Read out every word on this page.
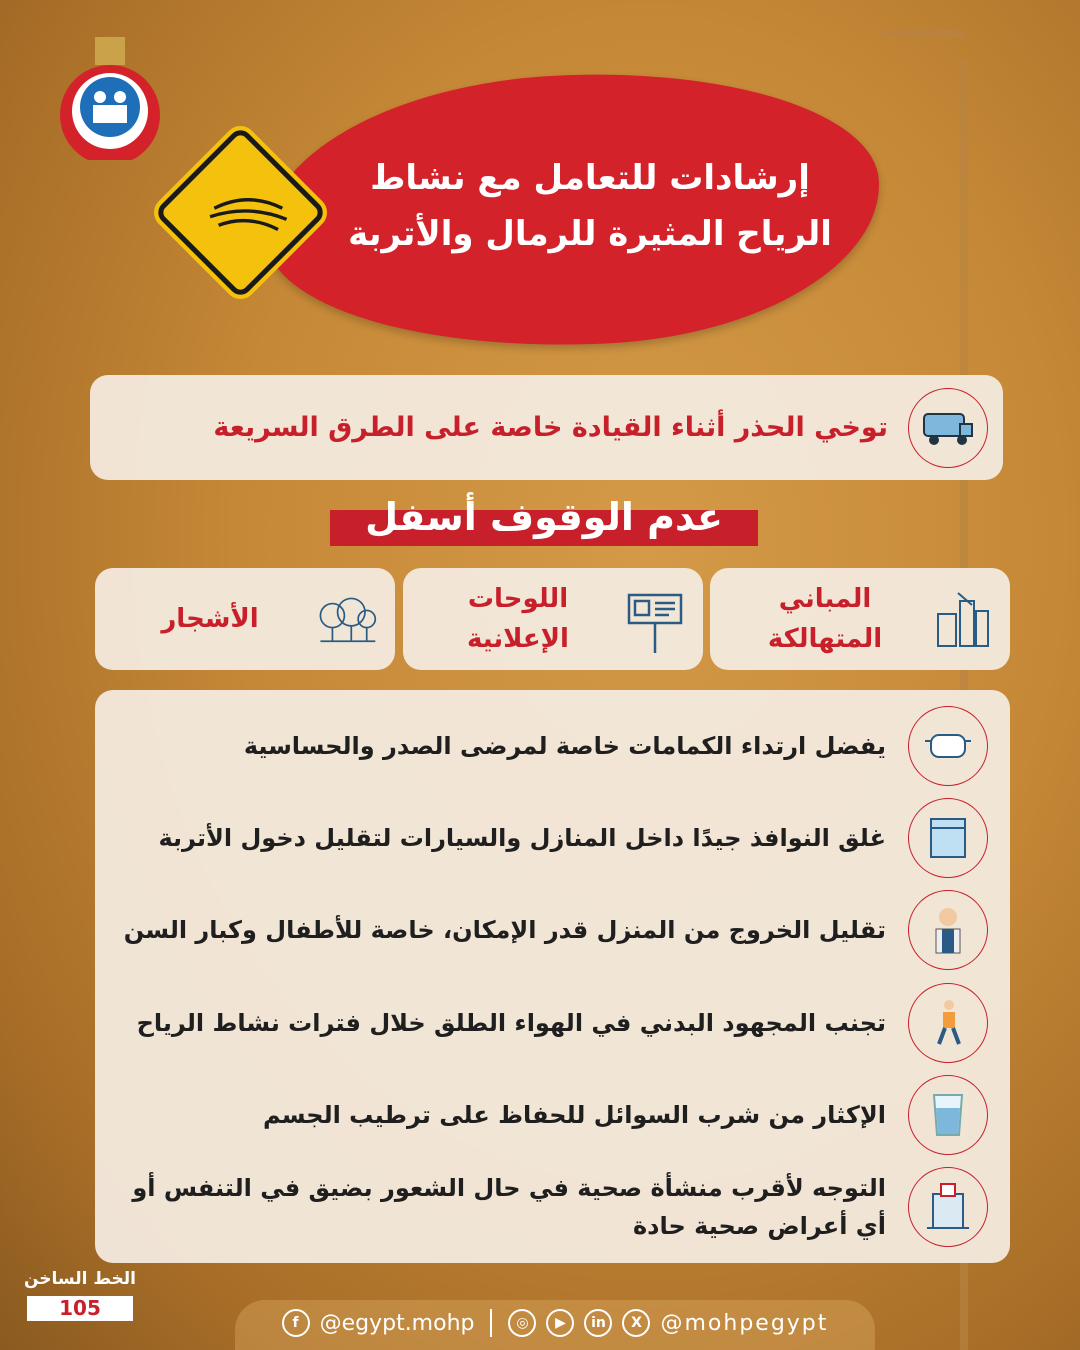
إرشادات للتعامل مع نشاط
الرياح المثيرة للرمال والأتربة
توخي الحذر أثناء القيادة خاصة على الطرق السريعة
عدم الوقوف أسفل
المباني
المتهالكة
اللوحات
الإعلانية
الأشجار
يفضل ارتداء الكمامات خاصة لمرضى الصدر والحساسية
غلق النوافذ جيدًا داخل المنازل والسيارات لتقليل دخول الأتربة
تقليل الخروج من المنزل قدر الإمكان، خاصة للأطفال وكبار السن
تجنب المجهود البدني في الهواء الطلق خلال فترات نشاط الرياح
الإكثار من شرب السوائل للحفاظ على ترطيب الجسم
التوجه لأقرب منشأة صحية في حال الشعور بضيق في التنفس أو أي أعراض صحية حادة
الخط الساخن
105
f @egypt.mohp	◎	▶	in	X @mohpegypt
